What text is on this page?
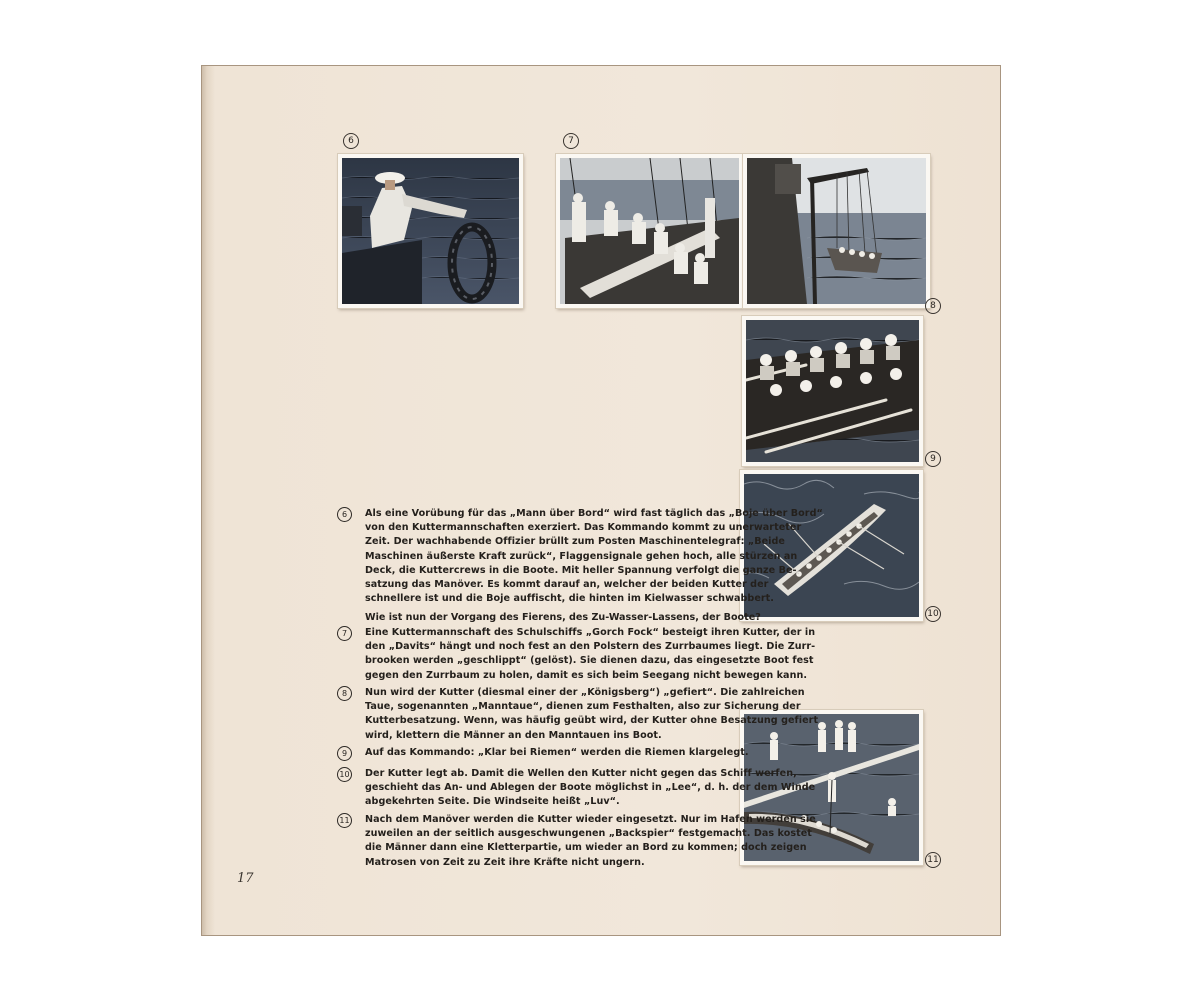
6	7
8
9
10
11
6	Als eine Vorübung für das „Mann über Bord“ wird fast täglich das „Boje über Bord“
von den Kuttermannschaften exerziert. Das Kommando kommt zu unerwarteter
Zeit. Der wachhabende Offizier brüllt zum Posten Maschinentelegraf: „Beide
Maschinen äußerste Kraft zurück“, Flaggensignale gehen hoch, alle stürzen an
Deck, die Kuttercrews in die Boote. Mit heller Spannung verfolgt die ganze Be-
satzung das Manöver. Es kommt darauf an, welcher der beiden Kutter der
schnellere ist und die Boje auffischt, die hinten im Kielwasser schwabbert.
Wie ist nun der Vorgang des Fierens, des Zu-Wasser-Lassens, der Boote?
7	Eine Kuttermannschaft des Schulschiffs „Gorch Fock“ besteigt ihren Kutter, der in
den „Davits“ hängt und noch fest an den Polstern des Zurrbaumes liegt. Die Zurr-
brooken werden „geschlippt“ (gelöst). Sie dienen dazu, das eingesetzte Boot fest
gegen den Zurrbaum zu holen, damit es sich beim Seegang nicht bewegen kann.
8	Nun wird der Kutter (diesmal einer der „Königsberg“) „gefiert“. Die zahlreichen
Taue, sogenannten „Manntaue“, dienen zum Festhalten, also zur Sicherung der
Kutterbesatzung. Wenn, was häufig geübt wird, der Kutter ohne Besatzung gefiert
wird, klettern die Männer an den Manntauen ins Boot.
9	Auf das Kommando: „Klar bei Riemen“ werden die Riemen klargelegt.
10 Der Kutter legt ab. Damit die Wellen den Kutter nicht gegen das Schiff werfen,
geschieht das An- und Ablegen der Boote möglichst in „Lee“, d. h. der dem Winde
abgekehrten Seite. Die Windseite heißt „Luv“.
11 Nach dem Manöver werden die Kutter wieder eingesetzt. Nur im Hafen werden sie
zuweilen an der seitlich ausgeschwungenen „Backspier“ festgemacht. Das kostet
die Männer dann eine Kletterpartie, um wieder an Bord zu kommen; doch zeigen
Matrosen von Zeit zu Zeit ihre Kräfte nicht ungern.
17
